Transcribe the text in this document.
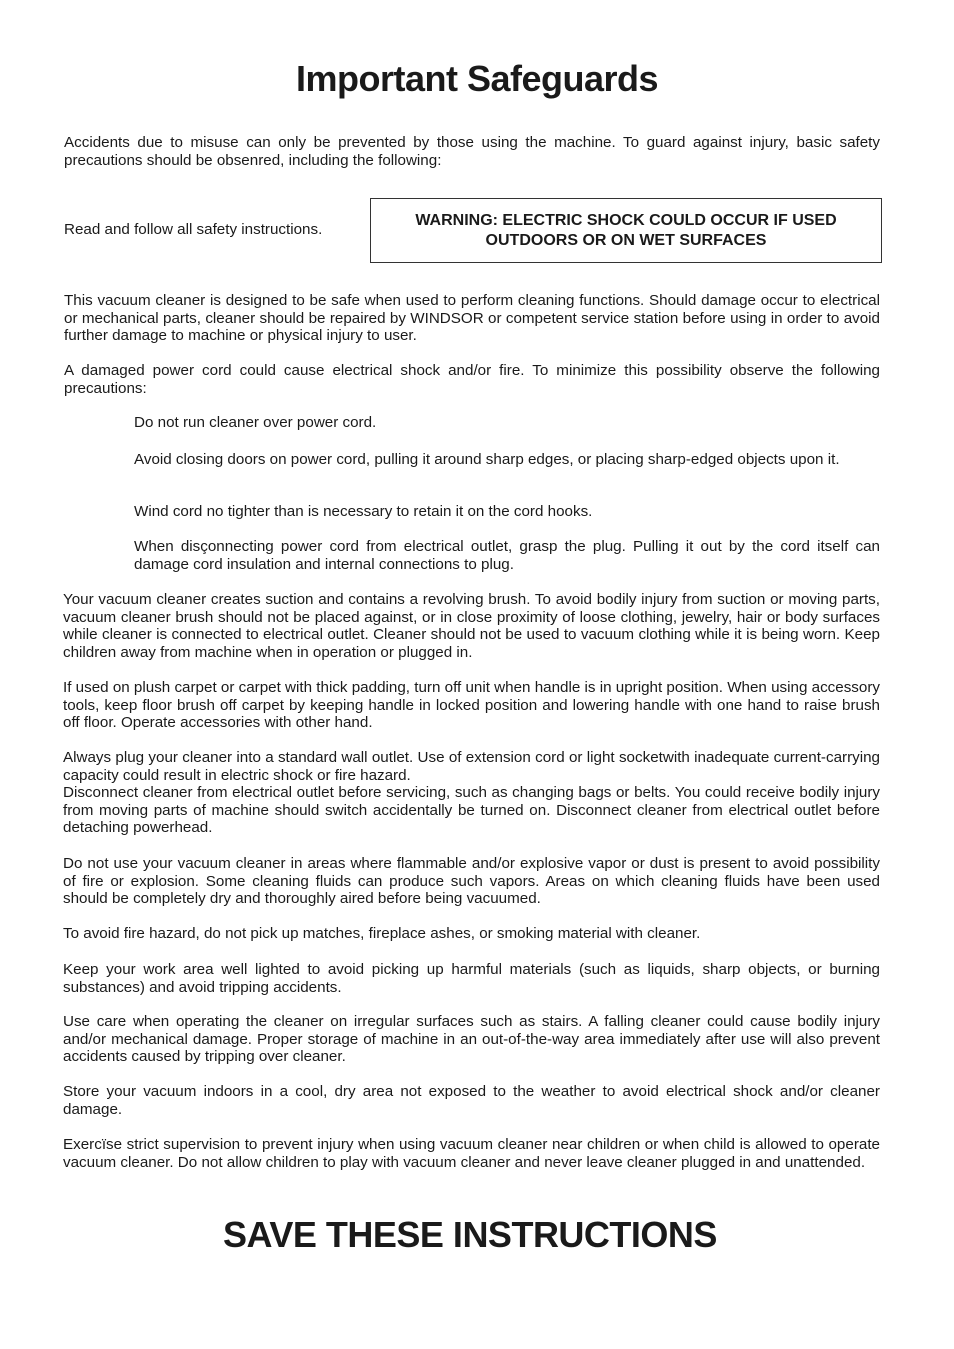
Important Safeguards

Accidents due to misuse can only be prevented by those using the machine. To guard against injury, basic safety precautions should be obsenred, including the following:

Read and follow all safety instructions.

WARNING: ELECTRIC SHOCK COULD OCCUR IF USED
OUTDOORS OR ON WET SURFACES

This vacuum cleaner is designed to be safe when used to perform cleaning functions. Should damage occur to electrical or mechanical parts, cleaner should be repaired by WINDSOR or competent service station before using in order to avoid further damage to machine or physical injury to user.

A damaged power cord could cause electrical shock and/or fire. To minimize this possibility observe the following precautions:

Do not run cleaner over power cord.

Avoid closing doors on power cord, pulling it around sharp edges, or placing sharp-edged objects upon it.

Wind cord no tighter than is necessary to retain it on the cord hooks.

When disçonnecting power cord from electrical outlet, grasp the plug. Pulling it out by the cord itself can damage cord insulation and internal connections to plug.

Your vacuum cleaner creates suction and contains a revolving brush. To avoid bodily injury from suction or moving parts, vacuum cleaner brush should not be placed against, or in close proximity of loose clothing, jewelry, hair or body surfaces while cleaner is connected to electrical outlet. Cleaner should not be used to vacuum clothing while it is being worn. Keep children away from machine when in operation or plugged in.

If used on plush carpet or carpet with thick padding, turn off unit when handle is in upright position. When using accessory tools, keep floor brush off carpet by keeping handle in locked position and lowering handle with one hand to raise brush off floor. Operate accessories with other hand.

Always plug your cleaner into a standard wall outlet. Use of extension cord or light socketwith inadequate current-carrying capacity could result in electric shock or fire hazard.

Disconnect cleaner from electrical outlet before servicing, such as changing bags or belts. You could receive bodily injury from moving parts of machine should switch accidentally be turned on. Disconnect cleaner from electrical outlet before detaching powerhead.

Do not use your vacuum cleaner in areas where flammable and/or explosive vapor or dust is present to avoid possibility of fire or explosion. Some cleaning fluids can produce such vapors. Areas on which cleaning fluids have been used should be completely dry and thoroughly aired before being vacuumed.

To avoid fire hazard, do not pick up matches, fireplace ashes, or smoking material with cleaner.

Keep your work area well lighted to avoid picking up harmful materials (such as liquids, sharp objects, or burning substances) and avoid tripping accidents.

Use care when operating the cleaner on irregular surfaces such as stairs. A falling cleaner could cause bodily injury and/or mechanical damage. Proper storage of machine in an out-of-the-way area immediately after use will also prevent accidents caused by tripping over cleaner.

Store your vacuum indoors in a cool, dry area not exposed to the weather to avoid electrical shock and/or cleaner damage.

Exercïse strict supervision to prevent injury when using vacuum cleaner near children or when child is allowed to operate vacuum cleaner. Do not allow children to play with vacuum cleaner and never leave cleaner plugged in and unattended.

SAVE THESE INSTRUCTIONS
